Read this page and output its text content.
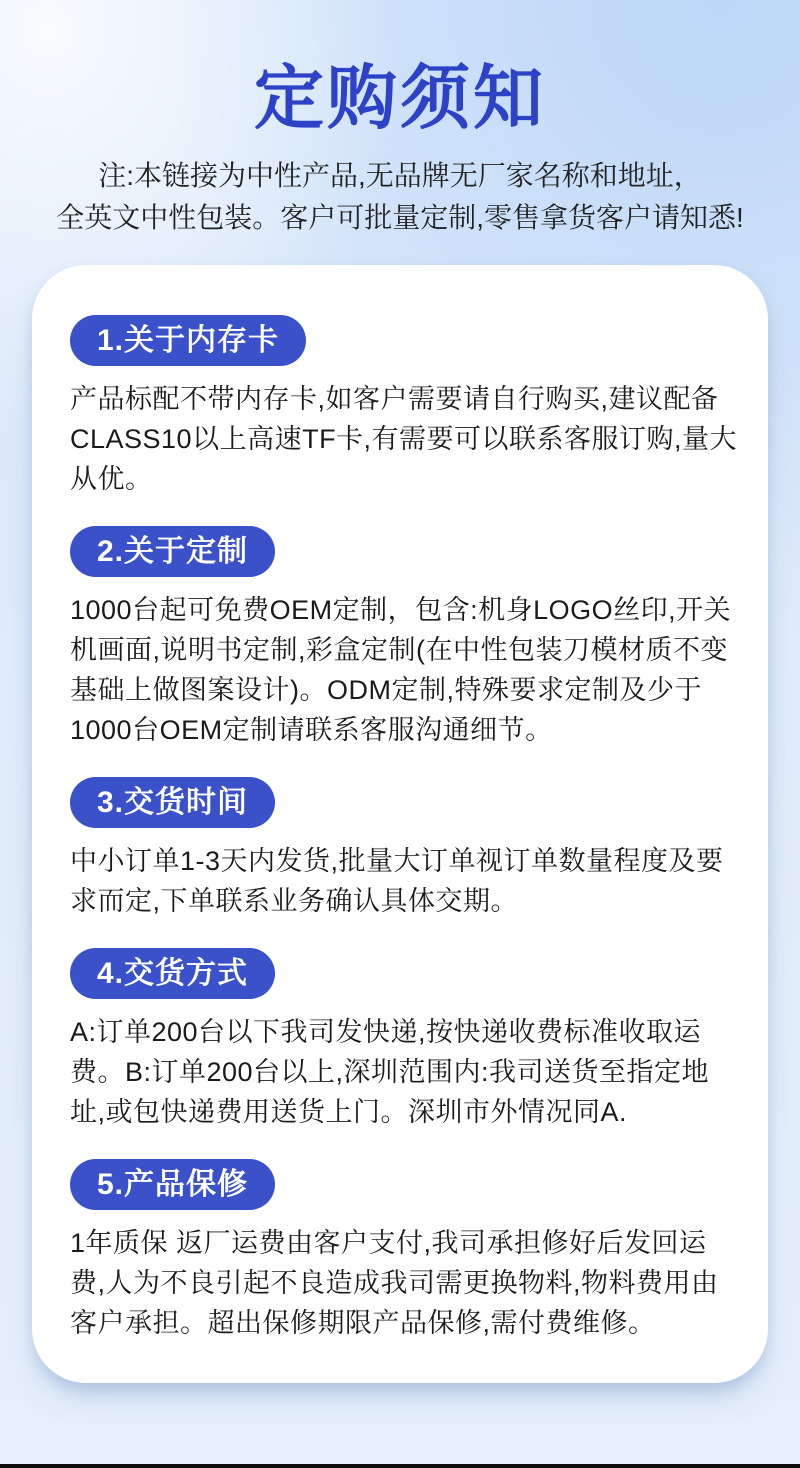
定购须知
注:本链接为中性产品,无品牌无厂家名称和地址，
全英文中性包装。客户可批量定制,零售拿货客户请知悉!
1.关于内存卡

产品标配不带内存卡,如客户需要请自行购买,建议配备CLASS10以上高速TF卡,有需要可以联系客服订购,量大从优。

2.关于定制

1000台起可免费OEM定制，包含:机身LOGO丝印,开关机画面,说明书定制,彩盒定制(在中性包装刀模材质不变基础上做图案设计)。ODM定制,特殊要求定制及少于1000台OEM定制请联系客服沟通细节。

3.交货时间

中小订单1-3天内发货,批量大订单视订单数量程度及要求而定,下单联系业务确认具体交期。

4.交货方式

A:订单200台以下我司发快递,按快递收费标准收取运费。B:订单200台以上,深圳范围内:我司送货至指定地址,或包快递费用送货上门。深圳市外情况同A.

5.产品保修

1年质保 返厂运费由客户支付,我司承担修好后发回运费,人为不良引起不良造成我司需更换物料,物料费用由客户承担。超出保修期限产品保修,需付费维修。
